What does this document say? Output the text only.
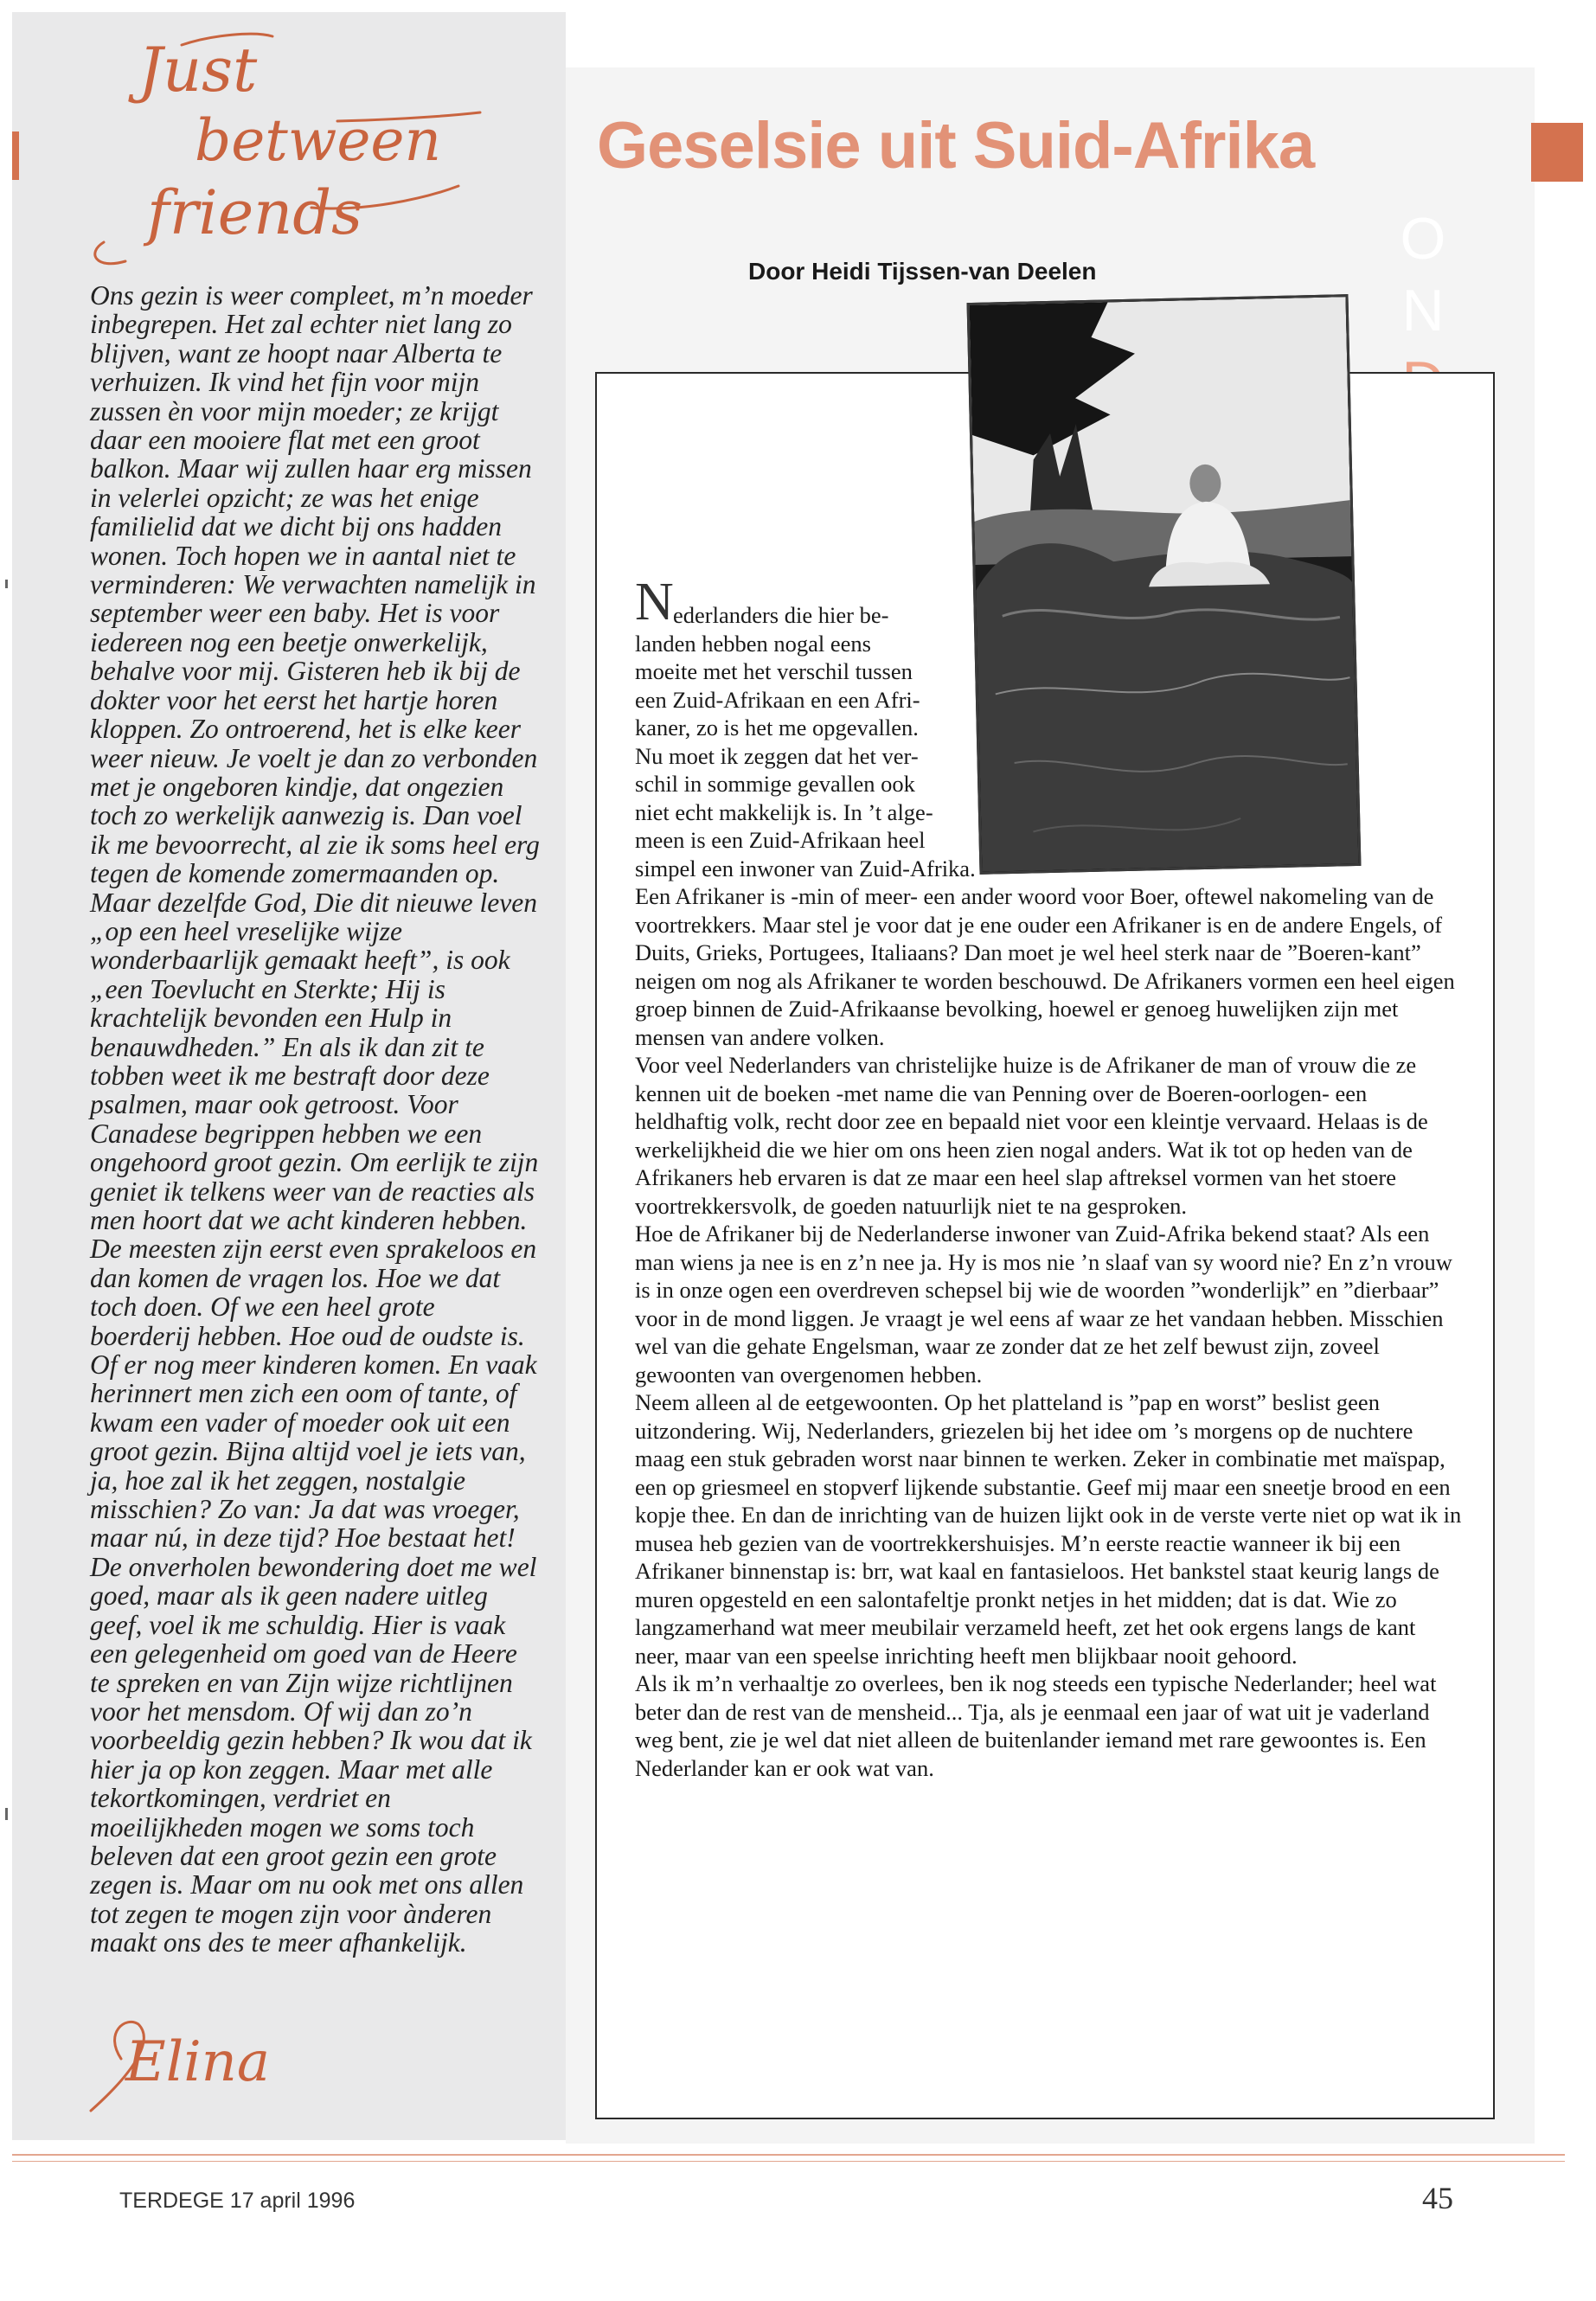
Just
between
friends

Ons gezin is weer compleet, m’n moeder inbegrepen. Het zal echter niet lang zo blijven, want ze hoopt naar Alberta te verhuizen. Ik vind het fijn voor mijn zussen èn voor mijn moeder; ze krijgt daar een mooiere flat met een groot balkon. Maar wij zullen haar erg missen in velerlei opzicht; ze was het enige familielid dat we dicht bij ons hadden wonen. Toch hopen we in aantal niet te verminderen: We verwachten namelijk in september weer een baby. Het is voor iedereen nog een beetje onwerkelijk, behalve voor mij. Gisteren heb ik bij de dokter voor het eerst het hartje horen kloppen. Zo ontroerend, het is elke keer weer nieuw. Je voelt je dan zo verbonden met je ongeboren kindje, dat ongezien toch zo werkelijk aanwezig is. Dan voel ik me bevoorrecht, al zie ik soms heel erg tegen de komende zomermaanden op. Maar dezelfde God, Die dit nieuwe leven „op een heel vreselijke wijze wonderbaarlijk gemaakt heeft”, is ook „een Toevlucht en Sterkte; Hij is krachtelijk bevonden een Hulp in benauwdheden.” En als ik dan zit te tobben weet ik me bestraft door deze psalmen, maar ook getroost. Voor Canadese begrippen hebben we een ongehoord groot gezin. Om eerlijk te zijn geniet ik telkens weer van de reacties als men hoort dat we acht kinderen hebben. De meesten zijn eerst even sprakeloos en dan komen de vragen los. Hoe we dat toch doen. Of we een heel grote boerderij hebben. Hoe oud de oudste is. Of er nog meer kinderen komen. En vaak herinnert men zich een oom of tante, of kwam een vader of moeder ook uit een groot gezin. Bijna altijd voel je iets van, ja, hoe zal ik het zeggen, nostalgie misschien? Zo van: Ja dat was vroeger, maar nú, in deze tijd? Hoe bestaat het! De onverholen bewondering doet me wel goed, maar als ik geen nadere uitleg geef, voel ik me schuldig. Hier is vaak een gelegenheid om goed van de Heere te spreken en van Zijn wijze richtlijnen voor het mensdom. Of wij dan zo’n voorbeeldig gezin hebben? Ik wou dat ik hier ja op kon zeggen. Maar met alle tekortkomingen, verdriet en moeilijkheden mogen we soms toch beleven dat een groot gezin een grote zegen is. Maar om nu ook met ons allen tot zegen te mogen zijn voor ànderen maakt ons des te meer afhankelijk.

Elina
Geselsie uit Suid-Afrika

Door Heidi Tijssen-van Deelen	O
N
N ederlanders die hier be-
landen hebben nogal eens
moeite met het verschil tussen
een Zuid-Afrikaan en een Afri-
kaner, zo is het me opgevallen.
Nu moet ik zeggen dat het ver-
schil in sommige gevallen ook
niet echt makkelijk is. In ’t alge-
meen is een Zuid-Afrikaan heel
simpel een inwoner van Zuid-Afrika.

Een Afrikaner is -min of meer- een ander woord voor Boer, oftewel nakomeling van de voortrekkers. Maar stel je voor dat je ene ouder een Afrikaner is en de andere Engels, of Duits, Grieks, Portugees, Italiaans? Dan moet je wel heel sterk naar de ”Boeren-kant” neigen om nog als Afrikaner te worden beschouwd. De Afrikaners vormen een heel eigen groep binnen de Zuid-Afrikaanse bevolking, hoewel er genoeg huwelijken zijn met mensen van andere volken.

Voor veel Nederlanders van christelijke huize is de Afrikaner de man of vrouw die ze kennen uit de boeken -met name die van Penning over de Boeren-oorlogen- een heldhaftig volk, recht door zee en bepaald niet voor een kleintje vervaard. Helaas is de werkelijkheid die we hier om ons heen zien nogal anders. Wat ik tot op heden van de Afrikaners heb ervaren is dat ze maar een heel slap aftreksel vormen van het stoere voortrekkersvolk, de goeden natuurlijk niet te na gesproken.

Hoe de Afrikaner bij de Nederlanderse inwoner van Zuid-Afrika bekend staat? Als een man wiens ja nee is en z’n nee ja. Hy is mos nie ’n slaaf van sy woord nie? En z’n vrouw is in onze ogen een overdreven schepsel bij wie de woorden ”wonderlijk” en ”dierbaar” voor in de mond liggen. Je vraagt je wel eens af waar ze het vandaan hebben. Misschien wel van die gehate Engelsman, waar ze zonder dat ze het zelf bewust zijn, zoveel gewoonten van overgenomen hebben.

Neem alleen al de eetgewoonten. Op het platteland is ”pap en worst” beslist geen uitzondering. Wij, Nederlanders, griezelen bij het idee om ’s morgens op de nuchtere maag een stuk gebraden worst naar binnen te werken. Zeker in combinatie met maïspap, een op griesmeel en stopverf lijkende substantie. Geef mij maar een sneetje brood en een kopje thee. En dan de inrichting van de huizen lijkt ook in de verste verte niet op wat ik in musea heb gezien van de voortrekkershuisjes. M’n eerste reactie wanneer ik bij een Afrikaner binnenstap is: brr, wat kaal en fantasieloos. Het bankstel staat keurig langs de muren opgesteld en een salontafeltje pronkt netjes in het midden; dat is dat. Wie zo langzamerhand wat meer meubilair verzameld heeft, zet het ook ergens langs de kant neer, maar van een speelse inrichting heeft men blijkbaar nooit gehoord.

Als ik m’n verhaaltje zo overlees, ben ik nog steeds een typische Nederlander; heel wat beter dan de rest van de mensheid... Tja, als je eenmaal een jaar of wat uit je vaderland weg bent, zie je wel dat niet alleen de buitenlander iemand met rare gewoontes is. Een Nederlander kan er ook wat van.

TERDEGE 17 april 1996	45
